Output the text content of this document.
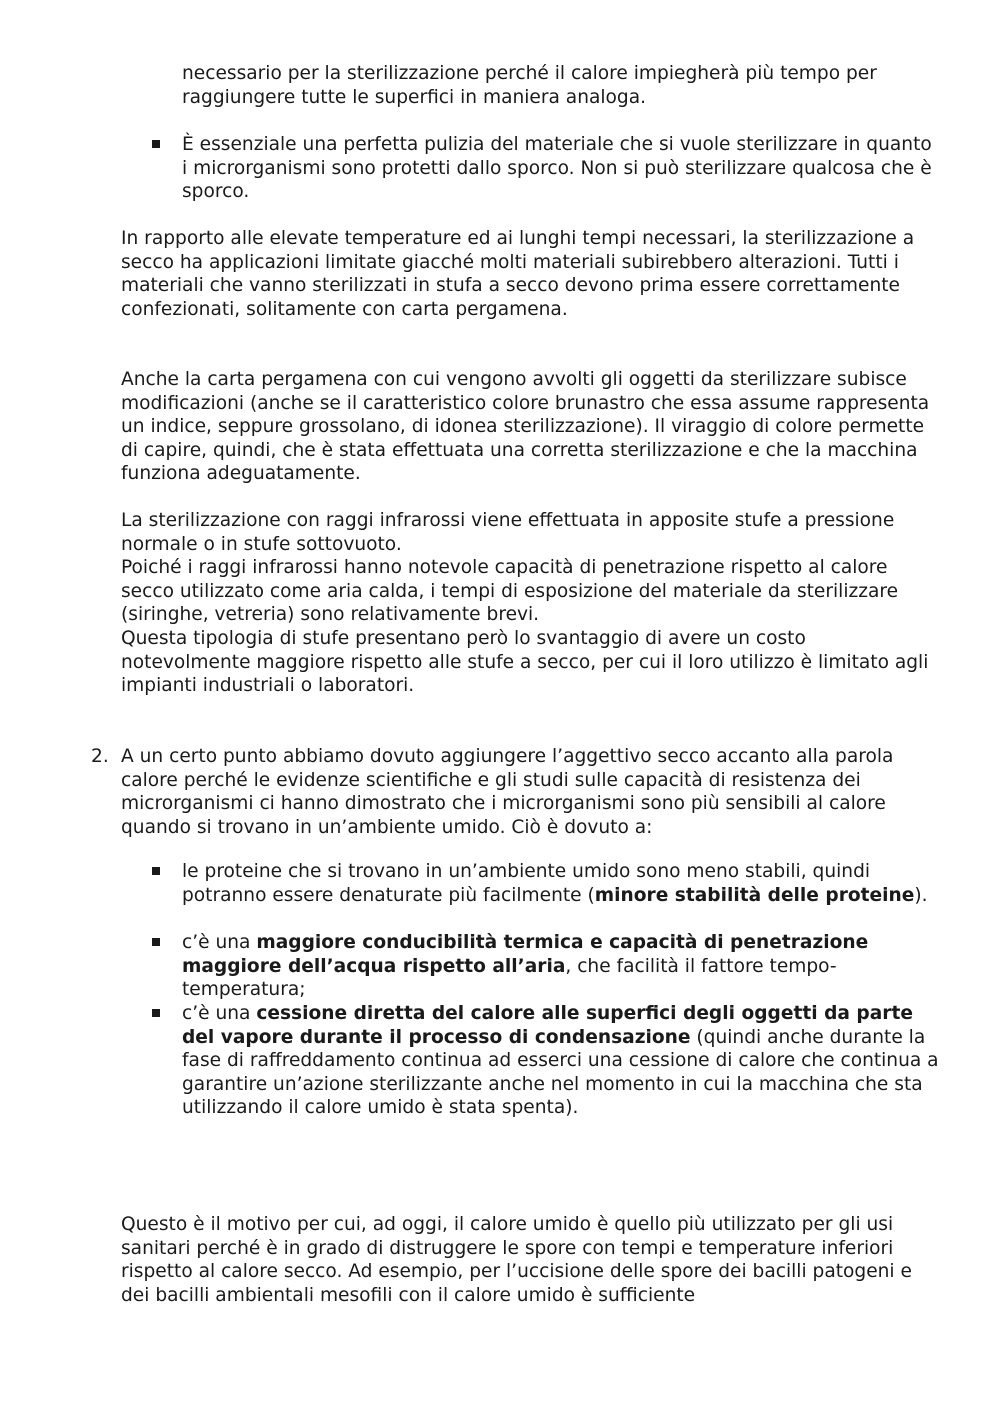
necessario per la sterilizzazione perché il calore impiegherà più tempo per raggiungere tutte le superfici in maniera analoga.

È essenziale una perfetta pulizia del materiale che si vuole sterilizzare in quanto i microrganismi sono protetti dallo sporco. Non si può sterilizzare qualcosa che è sporco.

In rapporto alle elevate temperature ed ai lunghi tempi necessari, la sterilizzazione a secco ha applicazioni limitate giacché molti materiali subirebbero alterazioni. Tutti i materiali che vanno sterilizzati in stufa a secco devono prima essere correttamente confezionati, solitamente con carta pergamena.

Anche la carta pergamena con cui vengono avvolti gli oggetti da sterilizzare subisce modificazioni (anche se il caratteristico colore brunastro che essa assume rappresenta un indice, seppure grossolano, di idonea sterilizzazione). Il viraggio di colore permette di capire, quindi, che è stata effettuata una corretta sterilizzazione e che la macchina funziona adeguatamente.

La sterilizzazione con raggi infrarossi viene effettuata in apposite stufe a pressione normale o in stufe sottovuoto.

Poiché i raggi infrarossi hanno notevole capacità di penetrazione rispetto al calore secco utilizzato come aria calda, i tempi di esposizione del materiale da sterilizzare (siringhe, vetreria) sono relativamente brevi.

Questa tipologia di stufe presentano però lo svantaggio di avere un costo notevolmente maggiore rispetto alle stufe a secco, per cui il loro utilizzo è limitato agli impianti industriali o laboratori.

2. A un certo punto abbiamo dovuto aggiungere l’aggettivo secco accanto alla parola calore perché le evidenze scientifiche e gli studi sulle capacità di resistenza dei microrganismi ci hanno dimostrato che i microrganismi sono più sensibili al calore quando si trovano in un’ambiente umido. Ciò è dovuto a:

le proteine che si trovano in un’ambiente umido sono meno stabili, quindi potranno essere denaturate più facilmente (minore stabilità delle proteine).

c’è una maggiore conducibilità termica e capacità di penetrazione maggiore dell’acqua rispetto all’aria, che facilità il fattore tempo-temperatura;

c’è una cessione diretta del calore alle superfici degli oggetti da parte del vapore durante il processo di condensazione (quindi anche durante la fase di raffreddamento continua ad esserci una cessione di calore che continua a garantire un’azione sterilizzante anche nel momento in cui la macchina che sta utilizzando il calore umido è stata spenta).

Questo è il motivo per cui, ad oggi, il calore umido è quello più utilizzato per gli usi sanitari perché è in grado di distruggere le spore con tempi e temperature inferiori rispetto al calore secco. Ad esempio, per l’uccisione delle spore dei bacilli patogeni e dei bacilli ambientali mesofili con il calore umido è sufficiente
